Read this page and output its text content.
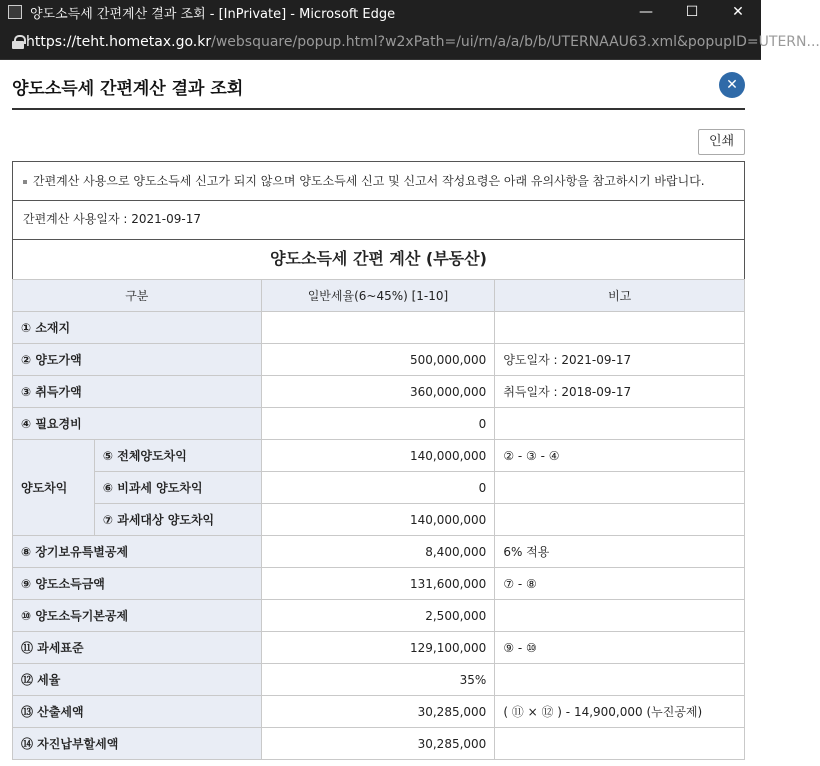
양도소득세 간편계산 결과 조회 - [InPrivate] - Microsoft Edge	—	☐	✕
https://teht.hometax.go.kr/websquare/popup.html?w2xPath=/ui/rn/a/a/b/b/UTERNAAU63.xml&popupID=UTERN...
양도소득세 간편계산 결과 조회	✕
인쇄
간편계산 사용으로 양도소득세 신고가 되지 않으며 양도소득세 신고 및 신고서 작성요령은 아래 유의사항을 참고하시기 바랍니다.
간편계산 사용일자 : 2021-09-17
양도소득세 간편 계산 (부동산)
구분		일반세율(6~45%) [1-10]	비고
① 소재지			
② 양도가액		500,000,000	양도일자 : 2021-09-17
③ 취득가액		360,000,000	취득일자 : 2018-09-17
④ 필요경비		0	
양도차익	⑤ 전체양도차익	140,000,000	② - ③ - ④
	⑥ 비과세 양도차익	0	
	⑦ 과세대상 양도차익	140,000,000	
⑧ 장기보유특별공제		8,400,000	6% 적용
⑨ 양도소득금액		131,600,000	⑦ - ⑧
⑩ 양도소득기본공제		2,500,000	
⑪ 과세표준		129,100,000	⑨ - ⑩
⑫ 세율		35%	
⑬ 산출세액		30,285,000	( ⑪ × ⑫ ) - 14,900,000 (누진공제)
⑭ 자진납부할세액		30,285,000	
